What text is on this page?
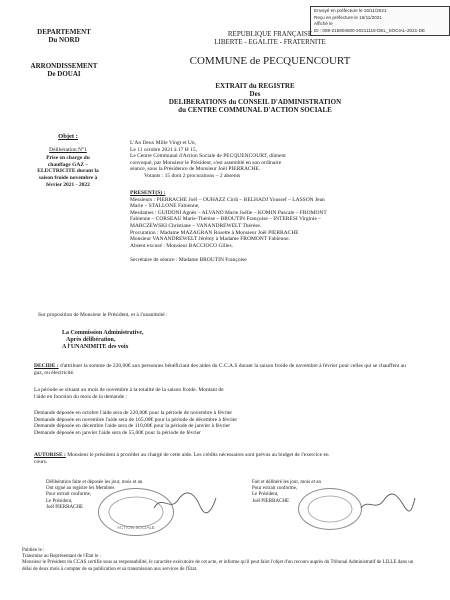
Envoyé en préfecture le 16/11/2021
Reçu en préfecture le 16/11/2021
Affiché le
ID : 059-215904600-20211116-DEL_SOCIAL-2021-DE
DEPARTEMENT
Du NORD
ARRONDISSEMENT
De DOUAI
REPUBLIQUE FRANÇAISE
LIBERTE - EGALITE - FRATERNITE
COMMUNE de PECQUENCOURT
EXTRAIT du REGISTRE
Des
DELIBERATIONS du CONSEIL D'ADMINISTRATION
du CENTRE COMMUNAL D'ACTION SOCIALE
Objet :
Délibération N°1
Prise en charge du
chauffage GAZ –
ELECTRICITE durant la
saison froide novembre à
février 2021 - 2022
L'An Deux Mille Vingt et Un,
Le 11 octobre 2021 à 17 H 15,
Le Centre Communal d'Action Sociale de PECQUENCOURT, dûment
convoqué, par Monsieur le Président, s'est assemblé en son ordinaire
séance, sous la Présidence de Monsieur Joël PIERRACHE.
Votants : 15 dont 2 procurations – 2 absents
PRESENT(S) :
Messieurs : PIERRACHE Joël – OUHAZZ Cirdi – BELHADJ Youssef – LASSON Jean
Marie – STALLONE Fabienne,
Mesdames : GUIDONI Agnès – ALVANO Marie Joëlle – KOMIN Pascale – FROMONT
Fabienne – CORSEAU Marie-Thérèse – BROUTIN Françoise – INTERESI Virginie –
MARCZEWSKI Christiane – VANANDREWELT Thérèse.
Procuration : Madame MAZAGRAN Rosette à Monsieur Joël PIERRACHE
Monsieur VANANDREWELT Jérémy à Madame FROMONT Fabienne.
Absent excusé : Monsieur BACCIOCO Gilles.
Secrétaire de séance : Madame BROUTIN Françoise
Sur proposition de Monsieur le Président, et à l'unanimité :
La Commission Administrative,
Après délibération,
A l'UNANIMITE des voix
DECIDE : d'attribuer la somme de 220,00€ aux personnes bénéficiant des aides du C.C.A.S durant la saison froide de novembre à février pour celles qui se chauffent au gaz, ou électricité.
La période se situant au mois de novembre à la totalité de la saison froide. Montant de l'aide en fonction du mois de la demande :
Demande déposée en octobre l'aide sera de 220,00€ pour la période de novembre à février
Demande déposée en novembre l'aide sera de 165,00€ pour la période de décembre à février
Demande déposée en décembre l'aide sera de 110,00€ pour la période de janvier à février
Demande déposée en janvier l'aide sera de 55,00€ pour la période de février
AUTORISE : Monsieur le président à procéder au chargé de cette aide. Les crédits nécessaires sont prévus au budget de l'exercice en cours.
Délibération faite et déposée les jour, mois et an
Ont signé au registre les Membres
Pour extrait conforme,
Le Président,
Joël PIERRACHE
ACTION SOCIALE
Fait et délibéré les jour, mois et an
Pour extrait conforme,
Le Président,
Joël PIERRACHE
Publiée le :
Transmise au Représentant de l'Etat le :
Monsieur le Président du CCAS certifie sous sa responsabilité, le caractère exécutoire de cet acte, et informe qu'il peut faire l'objet d'un recours auprès du Tribunal Administratif de LILLE dans un délai de deux mois à compter de sa publication et sa transmission aux services de l'Etat.
